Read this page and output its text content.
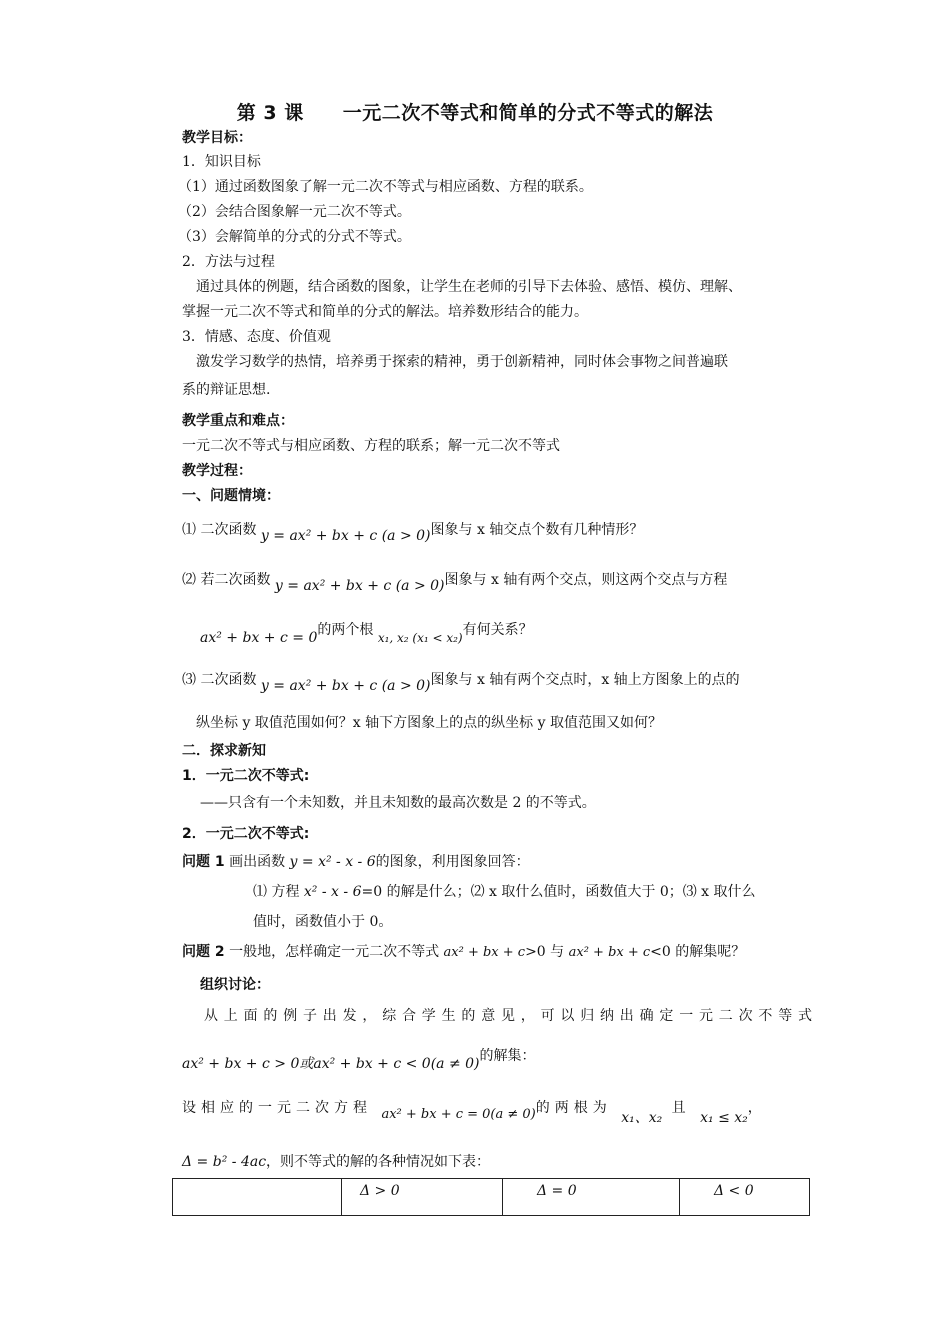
第 3 课　　一元二次不等式和简单的分式不等式的解法
教学目标：
1．知识目标
（1）通过函数图象了解一元二次不等式与相应函数、方程的联系。
（2）会结合图象解一元二次不等式。
（3）会解简单的分式的分式不等式。
2．方法与过程
通过具体的例题，结合函数的图象，让学生在老师的引导下去体验、感悟、模仿、理解、
掌握一元二次不等式和简单的分式的解法。培养数形结合的能力。
3．情感、态度、价值观
激发学习数学的热情，培养勇于探索的精神，勇于创新精神，同时体会事物之间普遍联
系的辩证思想.
教学重点和难点：
一元二次不等式与相应函数、方程的联系；解一元二次不等式
教学过程：
一、问题情境：
⑴ 二次函数 y = ax² + bx + c (a > 0)图象与 x 轴交点个数有几种情形？
⑵ 若二次函数 y = ax² + bx + c (a > 0)图象与 x 轴有两个交点，则这两个交点与方程
ax² + bx + c = 0的两个根 x₁, x₂ (x₁ < x₂)有何关系？
⑶ 二次函数 y = ax² + bx + c (a > 0)图象与 x 轴有两个交点时，x 轴上方图象上的点的
纵坐标 y 取值范围如何？x 轴下方图象上的点的纵坐标 y 取值范围又如何？
二．探求新知
1．一元二次不等式:
——只含有一个未知数，并且未知数的最高次数是 2 的不等式。
2．一元二次不等式:
问题 1 画出函数 y = x² - x - 6的图象，利用图象回答：
⑴ 方程 x² - x - 6=0 的解是什么；⑵ x 取什么值时，函数值大于 0；⑶ x 取什么
值时，函数值小于 0。
问题 2 一般地，怎样确定一元二次不等式 ax² + bx + c>0 与 ax² + bx + c<0 的解集呢？
组织讨论：
从上面的例子出发，综合学生的意见，可以归纳出确定一元二次不等式
ax² + bx + c > 0或ax² + bx + c < 0(a ≠ 0)的解集：
设相应的一元二次方程 ax² + bx + c = 0(a ≠ 0)的两根为 x₁、x₂ 且 x₁ ≤ x₂，
Δ = b² - 4ac，则不等式的解的各种情况如下表：
	Δ > 0	Δ = 0	Δ < 0
